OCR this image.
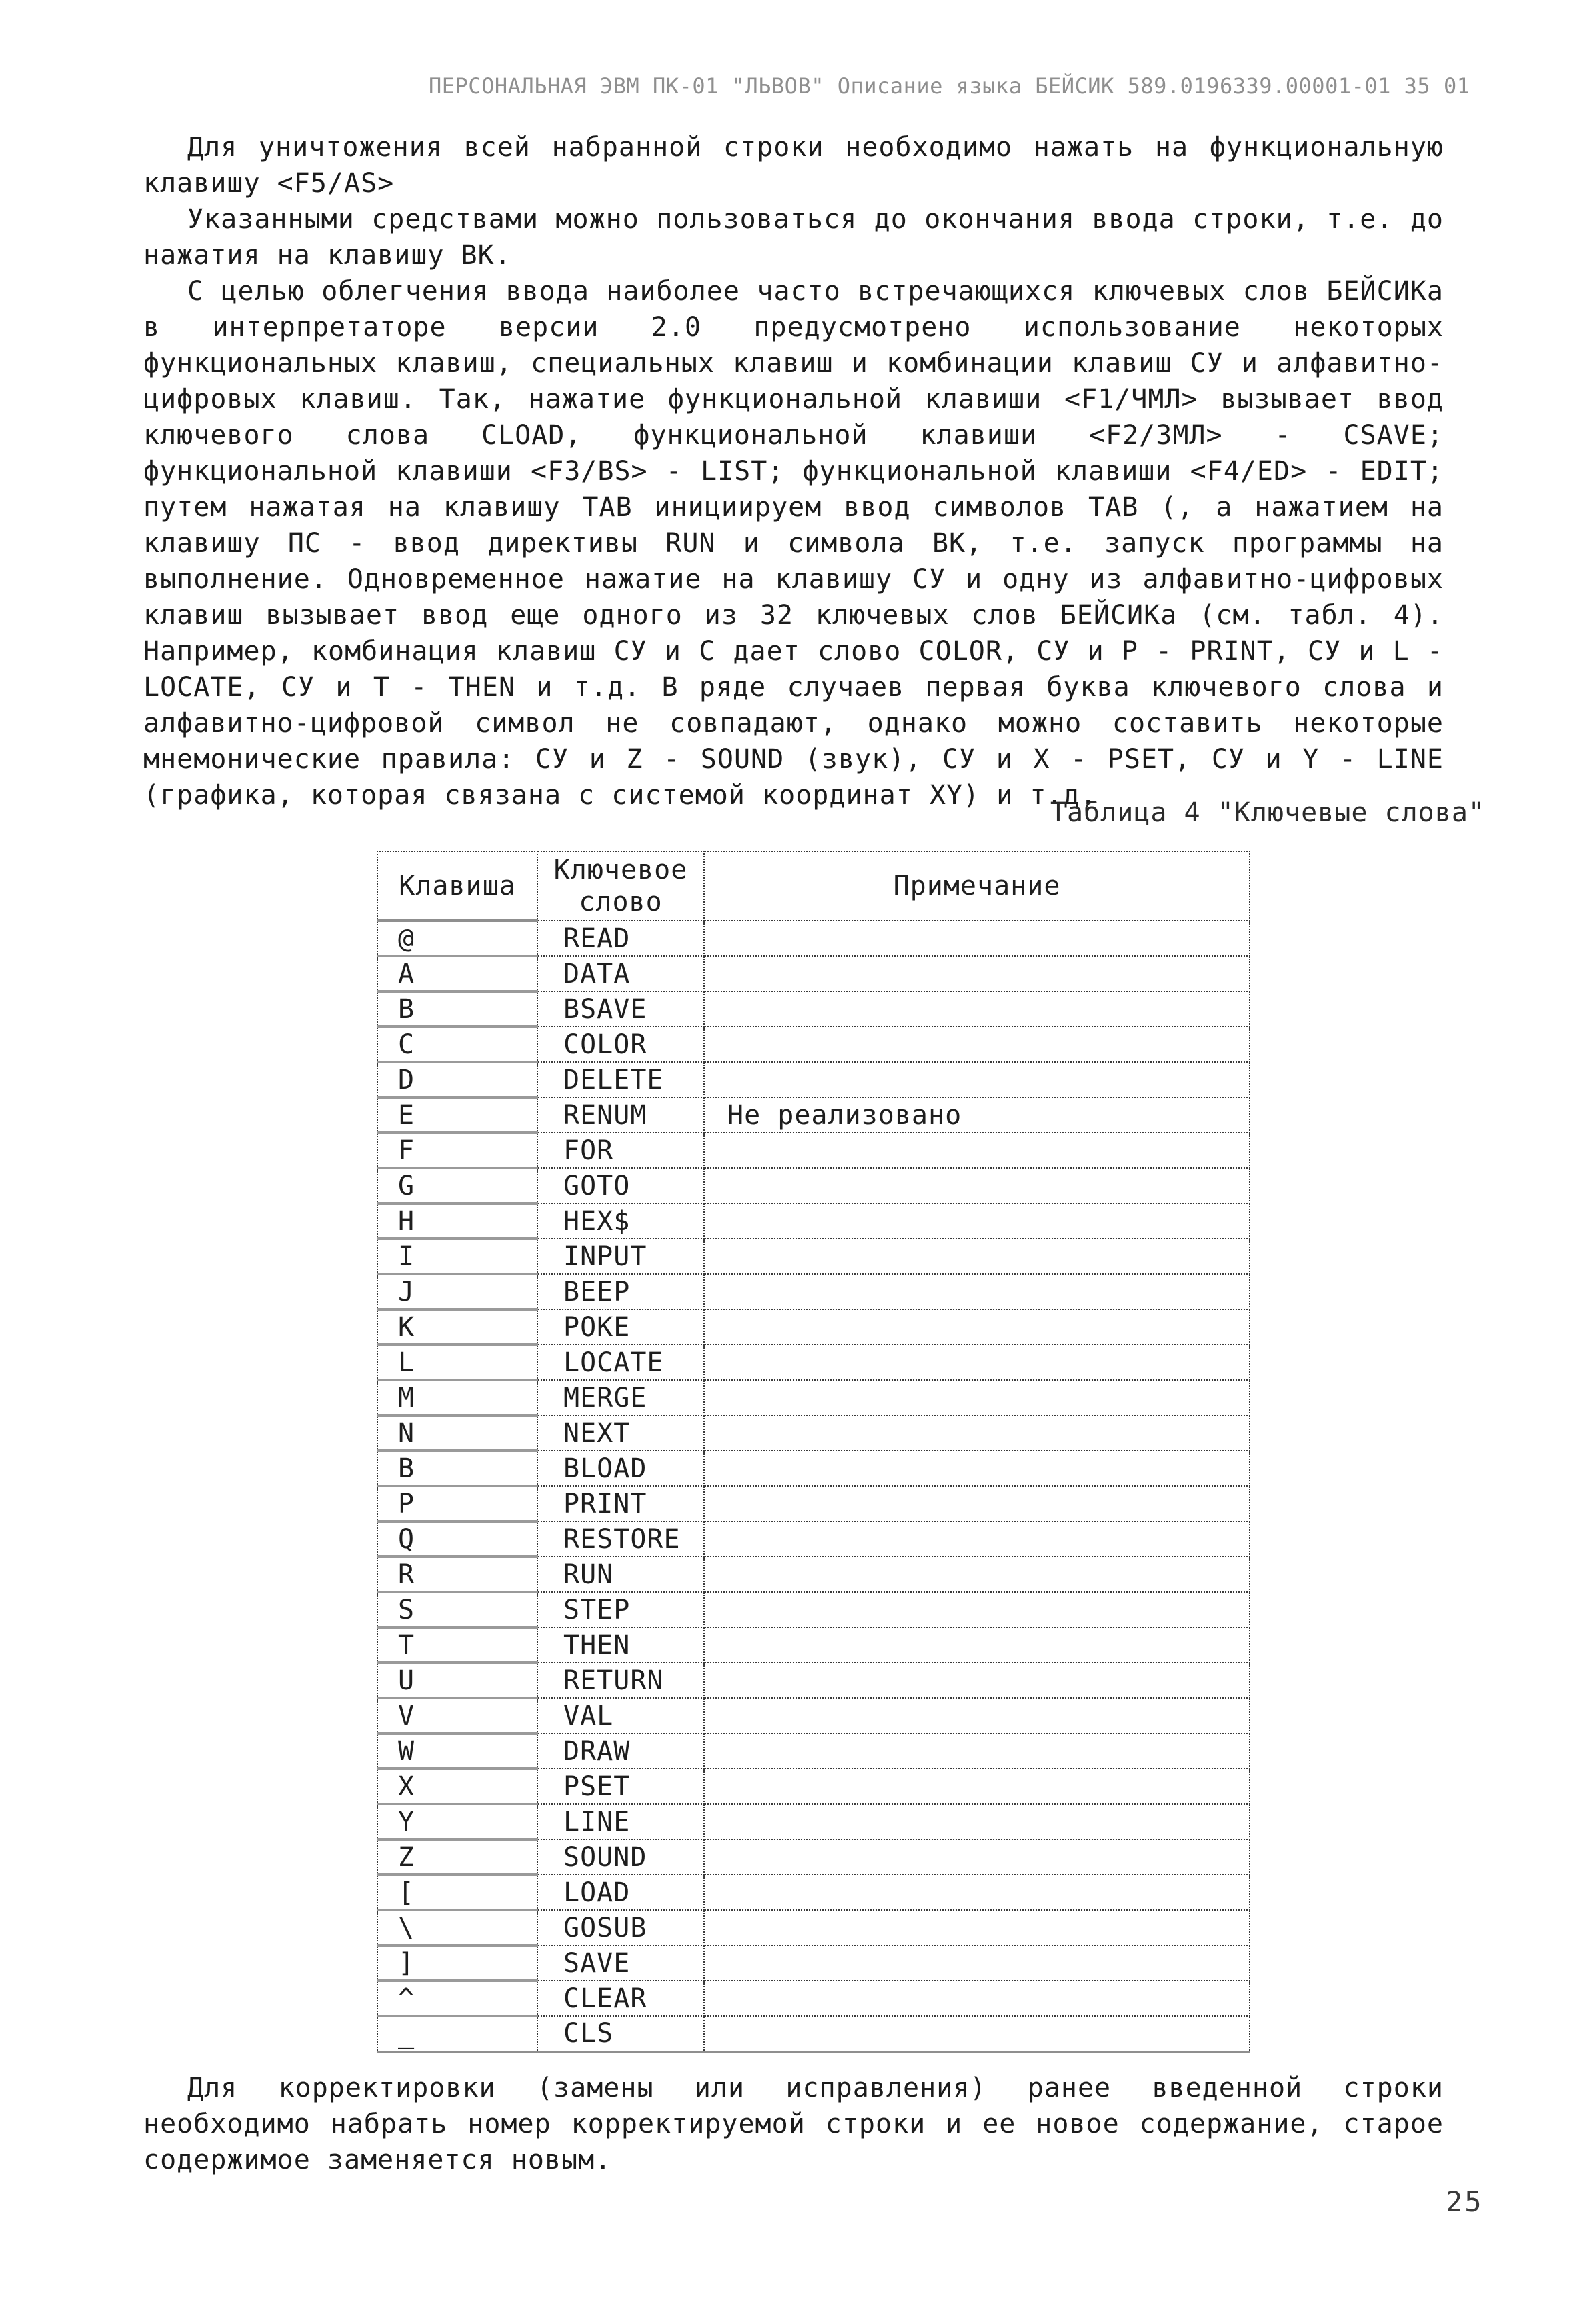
ПЕРСОНАЛЬНАЯ ЭВМ ПК-01 "ЛЬВОВ" Описание языка БЕЙСИК 589.0196339.00001-01 35 01
Для уничтожения всей набранной строки необходимо нажать на функциональную клавишу <F5/AS>
Указанными средствами можно пользоваться до окончания ввода строки, т.е. до нажатия на клавишу ВК.
С целью облегчения ввода наиболее часто встречающихся ключевых слов БЕЙСИКа в интерпретаторе версии 2.0 предусмотрено использование некоторых функциональных клавиш, специальных клавиш и комбинации клавиш СУ и алфавитно-цифровых клавиш. Так, нажатие функциональной клавиши <F1/ЧМЛ> вызывает ввод ключевого слова CLOAD, функциональной клавиши <F2/ЗМЛ> - CSAVE; функциональной клавиши <F3/BS> - LIST; функциональной клавиши <F4/ED> - EDIT; путем нажатая на клавишу ТАВ инициируем ввод символов ТАВ (, а нажатием на клавишу ПС - ввод директивы RUN и символа ВК, т.е. запуск программы на выполнение. Одновременное нажатие на клавишу СУ и одну из алфавитно-цифровых клавиш вызывает ввод еще одного из 32 ключевых слов БЕЙСИКа (см. табл. 4). Например, комбинация клавиш СУ и С дает слово COLOR, СУ и Р - PRINT, СУ и L - LOCATE, СУ и Т - THEN и т.д. В ряде случаев первая буква ключевого слова и алфавитно-цифровой символ не совпадают, однако можно составить некоторые мнемонические правила: СУ и Z - SOUND (звук), СУ и X - PSET, СУ и Y - LINE (графика, которая связана с системой координат XY) и т.д.
Таблица 4 "Ключевые слова"
Клавиша	Ключевое слово	Примечание
@	READ	
A	DATA	
B	BSAVE	
C	COLOR	
D	DELETE	
E	RENUM	Не реализовано
F	FOR	
G	GOTO	
H	HEX$	
I	INPUT	
J	BEEP	
K	POKE	
L	LOCATE	
M	MERGE	
N	NEXT	
B	BLOAD	
P	PRINT	
Q	RESTORE	
R	RUN	
S	STEP	
T	THEN	
U	RETURN	
V	VAL	
W	DRAW	
X	PSET	
Y	LINE	
Z	SOUND	
[	LOAD	
\	GOSUB	
]	SAVE	
^	CLEAR	
_	CLS	
Для корректировки (замены или исправления) ранее введенной строки необходимо набрать номер корректируемой строки и ее новое содержание, старое содержимое заменяется новым.
25
